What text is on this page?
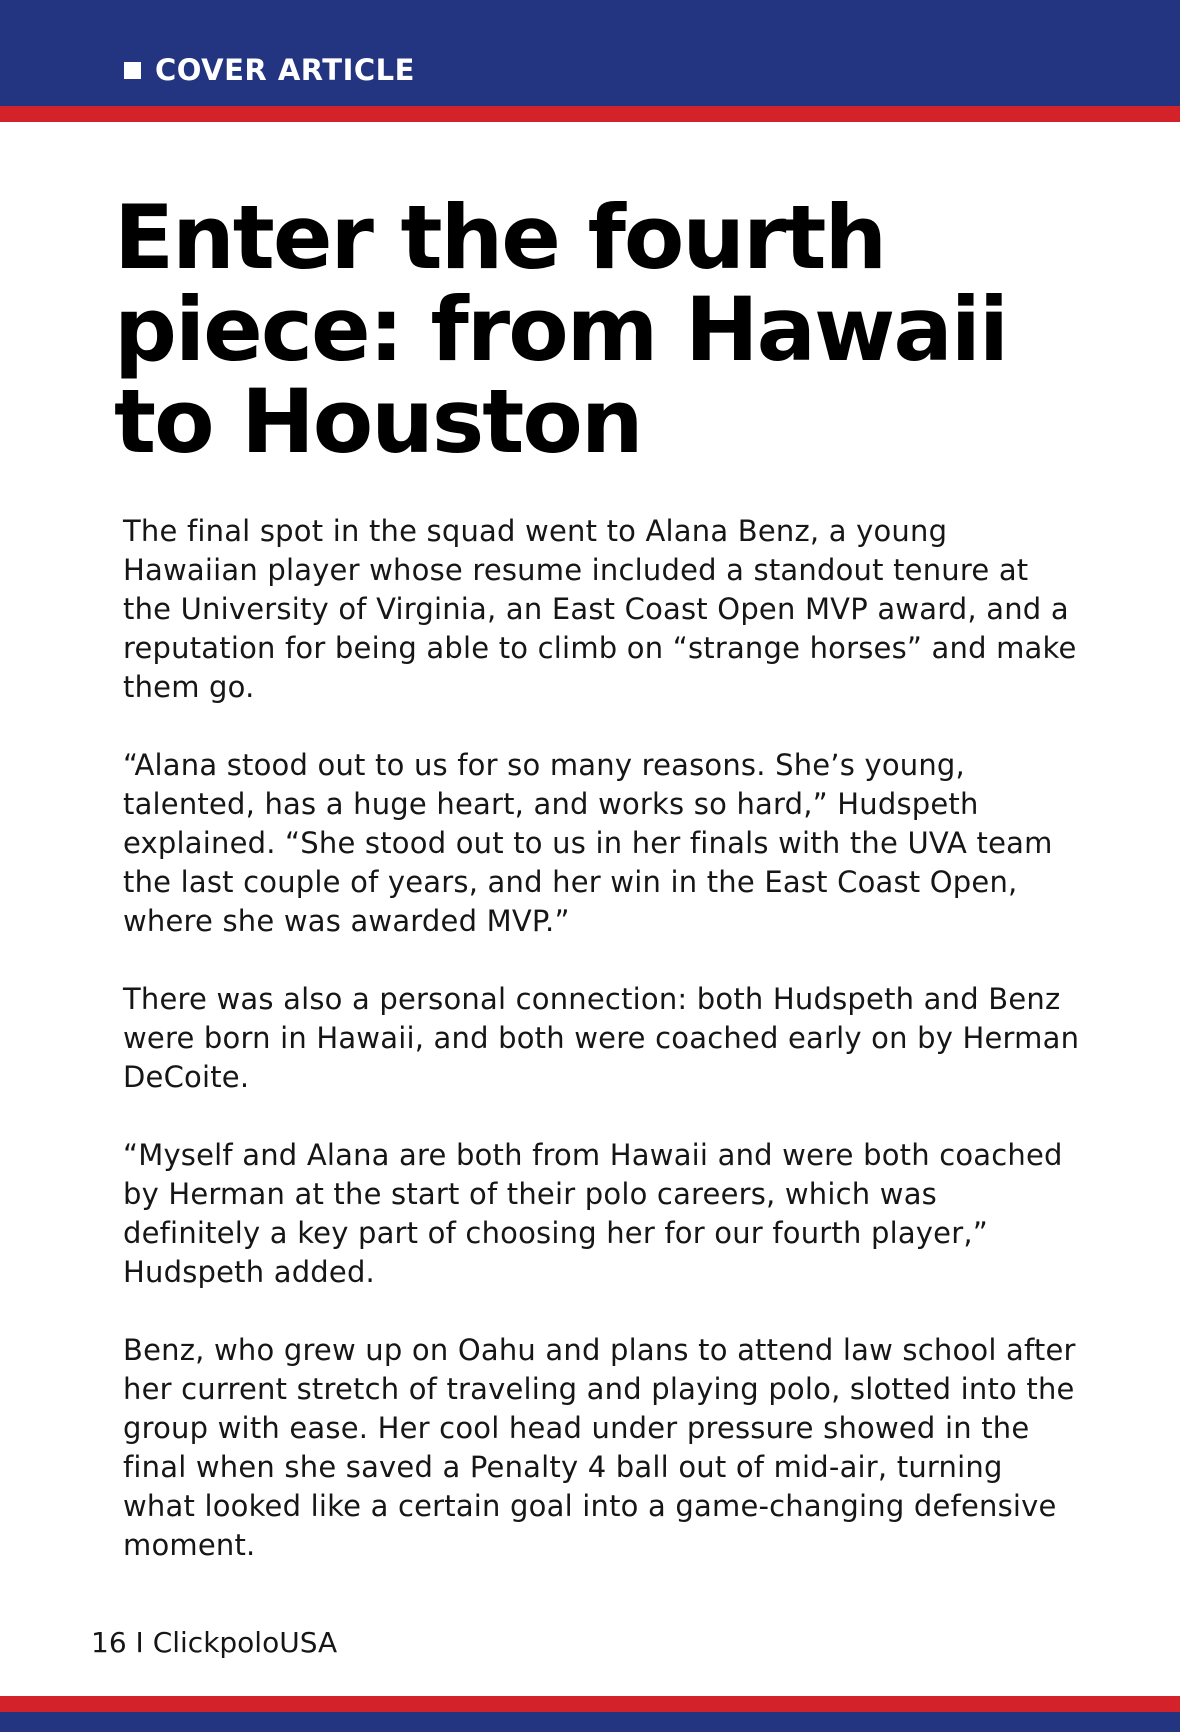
COVER ARTICLE
Enter the fourth piece: from Hawaii to Houston

The final spot in the squad went to Alana Benz, a young Hawaiian player whose resume included a standout tenure at the University of Virginia, an East Coast Open MVP award, and a reputation for being able to climb on “strange horses” and make them go.

“Alana stood out to us for so many reasons. She’s young, talented, has a huge heart, and works so hard,” Hudspeth explained. “She stood out to us in her finals with the UVA team the last couple of years, and her win in the East Coast Open, where she was awarded MVP.”

There was also a personal connection: both Hudspeth and Benz were born in Hawaii, and both were coached early on by Herman DeCoite.

“Myself and Alana are both from Hawaii and were both coached by Herman at the start of their polo careers, which was definitely a key part of choosing her for our fourth player,” Hudspeth added.

Benz, who grew up on Oahu and plans to attend law school after her current stretch of traveling and playing polo, slotted into the group with ease. Her cool head under pressure showed in the final when she saved a Penalty 4 ball out of mid-air, turning what looked like a certain goal into a game-changing defensive moment.

16 I ClickpoloUSA
